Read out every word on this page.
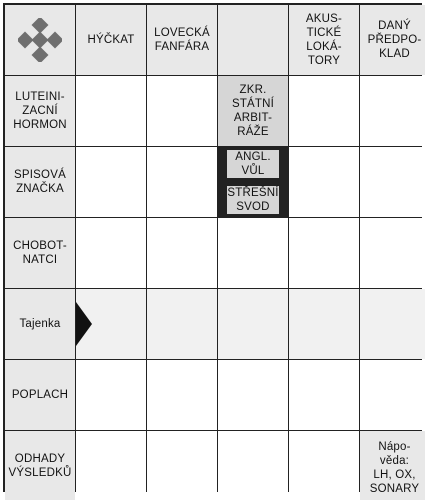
HÝČKAT
LOVECKÁ
FANFÁRA
AKUS-
TICKÉ
LOKÁ-
TORY
DANÝ
PŘEDPO-
KLAD
LUTEINI-
ZACNÍ
HORMON
ZKR.
STÁTNÍ
ARBIT-
RÁŽE
SPISOVÁ
ZNAČKA
ANGL.
VŮL
STŘEŠNÍ
SVOD
CHOBOT-
NATCI
Tajenka
POPLACH
ODHADY
VÝSLEDKŮ
Nápo-
věda:
LH, OX,
SONARY
